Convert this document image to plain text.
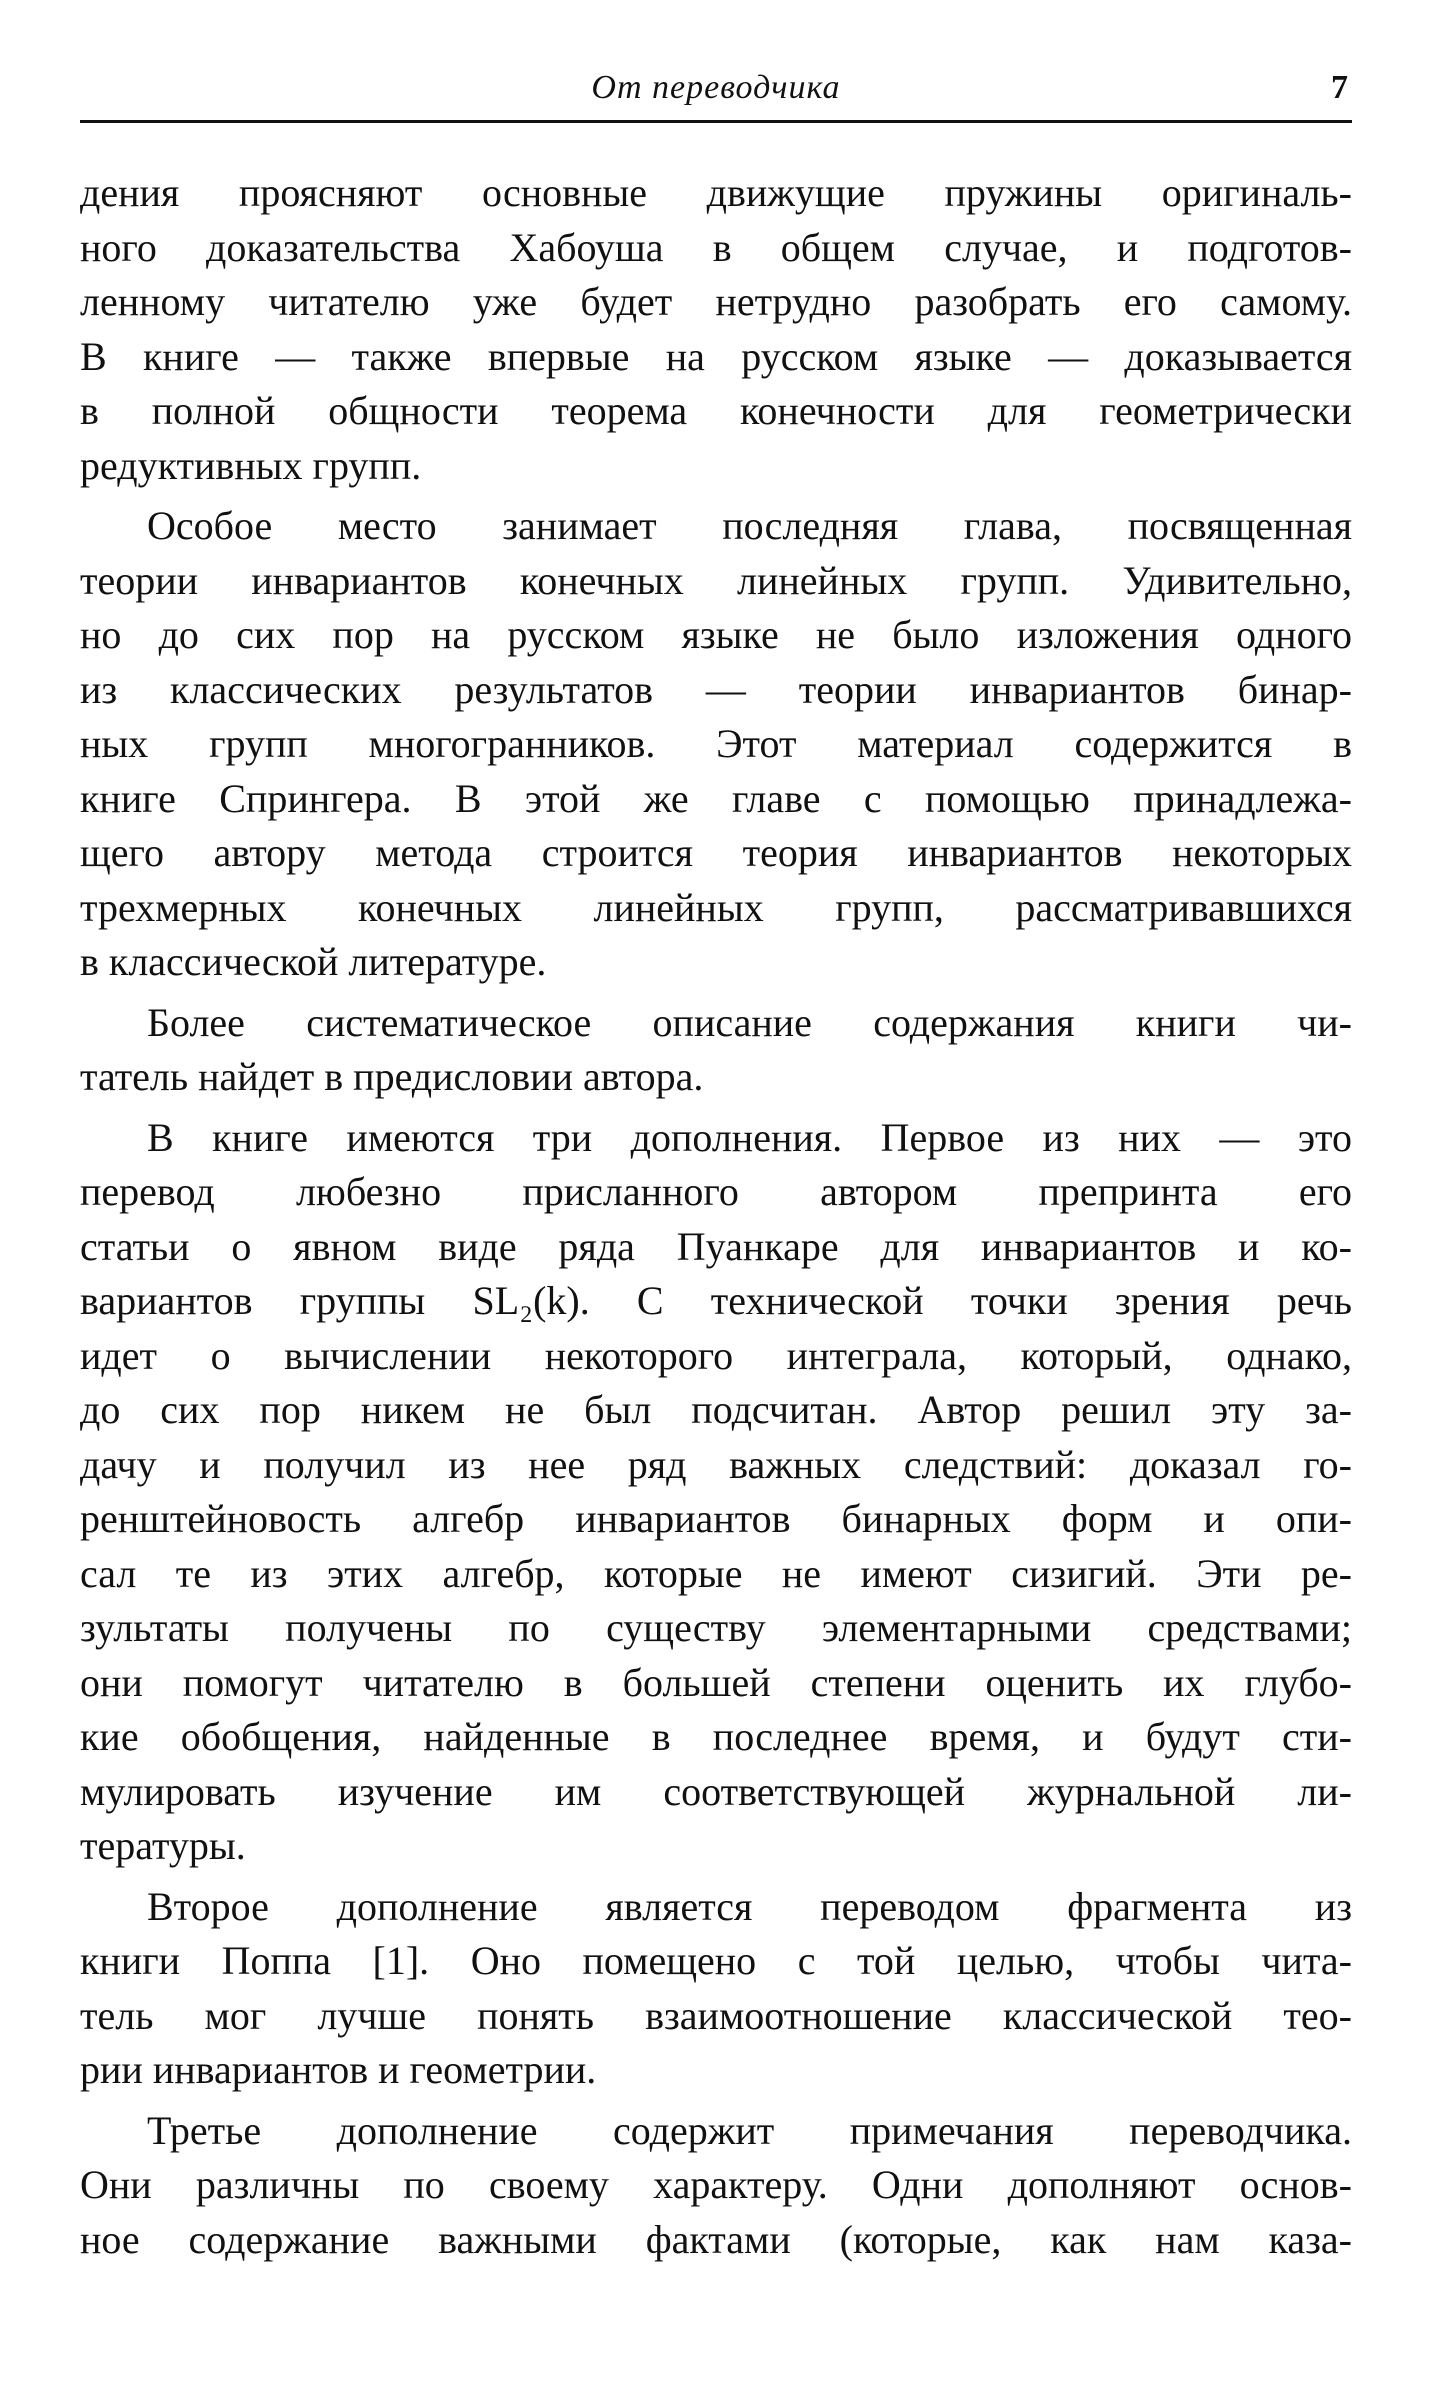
От переводчика	7
дения проясняют основные движущие пружины оригиналь-
ного доказательства Хабоуша в общем случае, и подготов-
ленному читателю уже будет нетрудно разобрать его самому.
В книге — также впервые на русском языке — доказывается
в полной общности теорема конечности для геометрически
редуктивных групп.
Особое место занимает последняя глава, посвященная
теории инвариантов конечных линейных групп. Удивительно,
но до сих пор на русском языке не было изложения одного
из классических результатов — теории инвариантов бинар-
ных групп многогранников. Этот материал содержится в
книге Спрингера. В этой же главе с помощью принадлежа-
щего автору метода строится теория инвариантов некоторых
трехмерных конечных линейных групп, рассматривавшихся
в классической литературе.
Более систематическое описание содержания книги чи-
татель найдет в предисловии автора.
В книге имеются три дополнения. Первое из них — это
перевод любезно присланного автором препринта его
статьи о явном виде ряда Пуанкаре для инвариантов и ко-
вариантов группы SL₂(k). С технической точки зрения речь
идет о вычислении некоторого интеграла, который, однако,
до сих пор никем не был подсчитан. Автор решил эту за-
дачу и получил из нее ряд важных следствий: доказал го-
ренштейновость алгебр инвариантов бинарных форм и опи-
сал те из этих алгебр, которые не имеют сизигий. Эти ре-
зультаты получены по существу элементарными средствами;
они помогут читателю в большей степени оценить их глубо-
кие обобщения, найденные в последнее время, и будут сти-
мулировать изучение им соответствующей журнальной ли-
тературы.
Второе дополнение является переводом фрагмента из
книги Поппа [1]. Оно помещено с той целью, чтобы чита-
тель мог лучше понять взаимоотношение классической тео-
рии инвариантов и геометрии.
Третье дополнение содержит примечания переводчика.
Они различны по своему характеру. Одни дополняют основ-
ное содержание важными фактами (которые, как нам каза-
